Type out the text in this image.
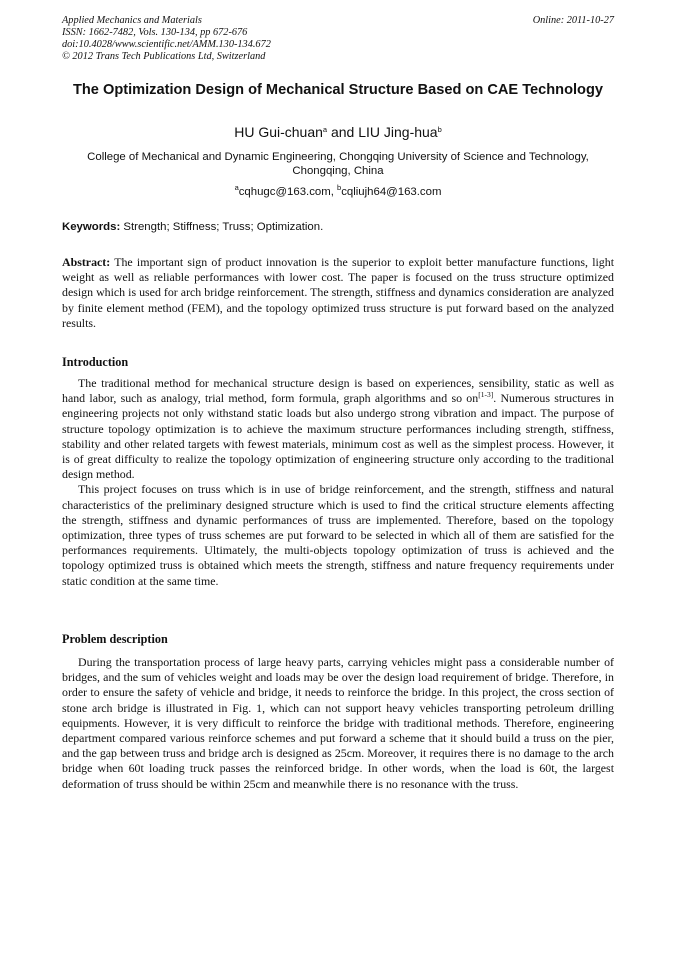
Applied Mechanics and Materials
ISSN: 1662-7482, Vols. 130-134, pp 672-676
doi:10.4028/www.scientific.net/AMM.130-134.672
© 2012 Trans Tech Publications Ltd, Switzerland
Online: 2011-10-27
The Optimization Design of Mechanical Structure Based on CAE Technology
HU Gui-chuan$^a$ and LIU Jing-hua$^b$
College of Mechanical and Dynamic Engineering, Chongqing University of Science and Technology, Chongqing, China
$^a$cqhugc@163.com, $^b$cqliujh64@163.com
Keywords: Strength; Stiffness; Truss; Optimization.
Abstract: The important sign of product innovation is the superior to exploit better manufacture functions, light weight as well as reliable performances with lower cost. The paper is focused on the truss structure optimized design which is used for arch bridge reinforcement. The strength, stiffness and dynamics consideration are analyzed by finite element method (FEM), and the topology optimized truss structure is put forward based on the analyzed results.
Introduction

The traditional method for mechanical structure design is based on experiences, sensibility, static as well as hand labor, such as analogy, trial method, form formula, graph algorithms and so on[1-3]. Numerous structures in engineering projects not only withstand static loads but also undergo strong vibration and impact. The purpose of structure topology optimization is to achieve the maximum structure performances including strength, stiffness, stability and other related targets with fewest materials, minimum cost as well as the simplest process. However, it is of great difficulty to realize the topology optimization of engineering structure only according to the traditional design method.

This project focuses on truss which is in use of bridge reinforcement, and the strength, stiffness and natural characteristics of the preliminary designed structure which is used to find the critical structure elements affecting the strength, stiffness and dynamic performances of truss are implemented. Therefore, based on the topology optimization, three types of truss schemes are put forward to be selected in which all of them are satisfied for the performances requirements. Ultimately, the multi-objects topology optimization of truss is achieved and the topology optimized truss is obtained which meets the strength, stiffness and nature frequency requirements under static condition at the same time.

Problem description

During the transportation process of large heavy parts, carrying vehicles might pass a considerable number of bridges, and the sum of vehicles weight and loads may be over the design load requirement of bridge. Therefore, in order to ensure the safety of vehicle and bridge, it needs to reinforce the bridge. In this project, the cross section of stone arch bridge is illustrated in Fig. 1, which can not support heavy vehicles transporting petroleum drilling equipments. However, it is very difficult to reinforce the bridge with traditional methods. Therefore, engineering department compared various reinforce schemes and put forward a scheme that it should build a truss on the pier, and the gap between truss and bridge arch is designed as 25cm. Moreover, it requires there is no damage to the arch bridge when 60t loading truck passes the reinforced bridge. In other words, when the load is 60t, the largest deformation of truss should be within 25cm and meanwhile there is no resonance with the truss.
